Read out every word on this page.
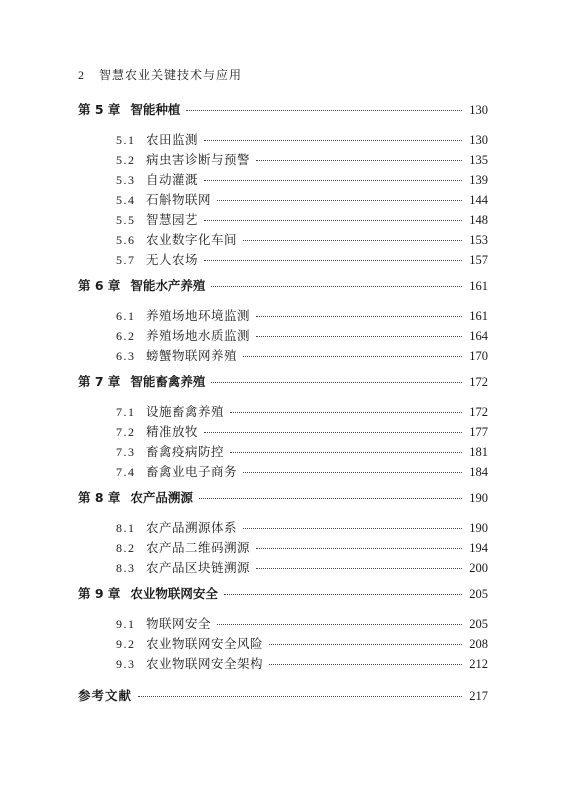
2 智慧农业关键技术与应用
第 5 章 智能种植	130
5.1 农田监测	130
5.2 病虫害诊断与预警	135
5.3 自动灌溉	139
5.4 石斛物联网	144
5.5 智慧园艺	148
5.6 农业数字化车间	153
5.7 无人农场	157
第 6 章 智能水产养殖	161
6.1 养殖场地环境监测	161
6.2 养殖场地水质监测	164
6.3 螃蟹物联网养殖	170
第 7 章 智能畜禽养殖	172
7.1 设施畜禽养殖	172
7.2 精准放牧	177
7.3 畜禽疫病防控	181
7.4 畜禽业电子商务	184
第 8 章 农产品溯源	190
8.1 农产品溯源体系	190
8.2 农产品二维码溯源	194
8.3 农产品区块链溯源	200
第 9 章 农业物联网安全	205
9.1 物联网安全	205
9.2 农业物联网安全风险	208
9.3 农业物联网安全架构	212
参考文献	217
